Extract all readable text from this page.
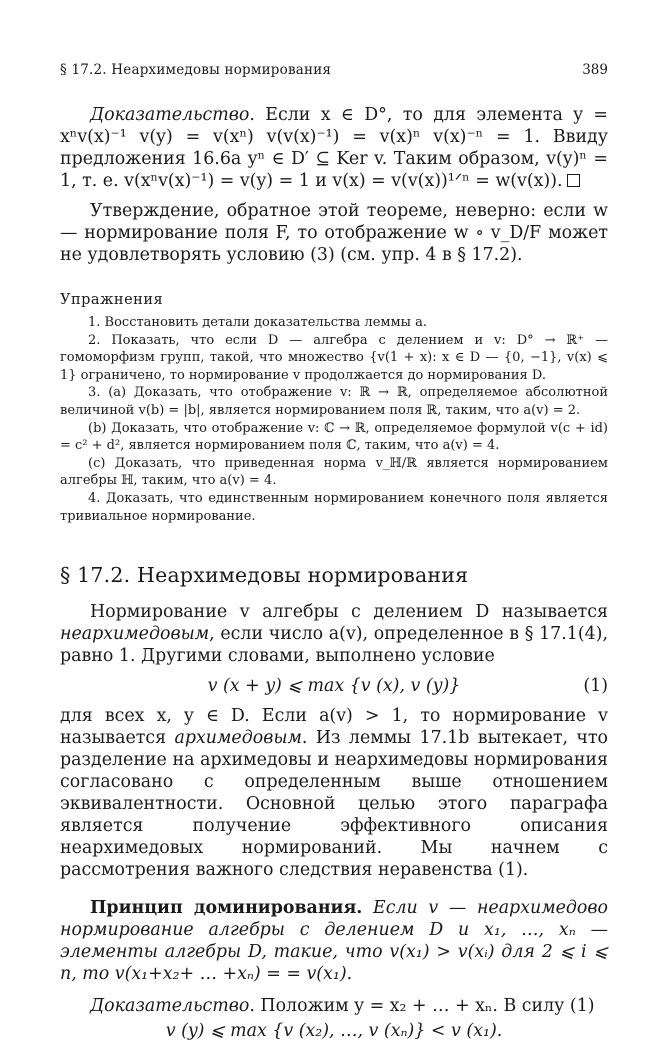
§ 17.2. Неархимедовы нормирования	389

Доказательство. Если x ∈ D°, то для элемента y = xⁿv(x)⁻¹ v(y) = v(xⁿ) v(v(x)⁻¹) = v(x)ⁿ v(x)⁻ⁿ = 1. Ввиду предложения 16.6a yⁿ ∈ D′ ⊆ Ker v. Таким образом, v(y)ⁿ = 1, т. е. v(xⁿv(x)⁻¹) = v(y) = 1 и v(x) = v(v(x))¹ᐟⁿ = w(v(x)).

Утверждение, обратное этой теореме, неверно: если w — нормирование поля F, то отображение w ∘ v_D/F может не удовлетворять условию (3) (см. упр. 4 в § 17.2).

Упражнения

1. Восстановить детали доказательства леммы a.

2. Показать, что если D — алгебра с делением и v: D° → ℝ⁺ — гомоморфизм групп, такой, что множество {v(1 + x): x ∈ D — {0, −1}, v(x) ⩽ 1} ограничено, то нормирование v продолжается до нормирования D.

3. (a) Доказать, что отображение v: ℝ → ℝ, определяемое абсолютной величиной v(b) = |b|, является нормированием поля ℝ, таким, что a(v) = 2.

(b) Доказать, что отображение v: ℂ → ℝ, определяемое формулой v(c + id) = c² + d², является нормированием поля ℂ, таким, что a(v) = 4.

(c) Доказать, что приведенная норма v_ℍ/ℝ является нормированием алгебры ℍ, таким, что a(v) = 4.

4. Доказать, что единственным нормированием конечного поля является тривиальное нормирование.

§ 17.2. Неархимедовы нормирования

Нормирование v алгебры с делением D называется неархимедовым, если число a(v), определенное в § 17.1(4), равно 1. Другими словами, выполнено условие

v (x + y) ⩽ max {v (x), v (y)}	(1)

для всех x, y ∈ D. Если a(v) > 1, то нормирование v называется архимедовым. Из леммы 17.1b вытекает, что разделение на архимедовы и неархимедовы нормирования согласовано с определенным выше отношением эквивалентности. Основной целью этого параграфа является получение эффективного описания неархимедовых нормирований. Мы начнем с рассмотрения важного следствия неравенства (1).

Принцип доминирования. Если v — неархимедово нормирование алгебры с делением D и x₁, …, xₙ — элементы алгебры D, такие, что v(x₁) > v(xᵢ) для 2 ⩽ i ⩽ n, то v(x₁+x₂+ … +xₙ) = = v(x₁).

Доказательство. Положим y = x₂ + … + xₙ. В силу (1)

v (y) ⩽ max {v (x₂), …, v (xₙ)} < v (x₁).
